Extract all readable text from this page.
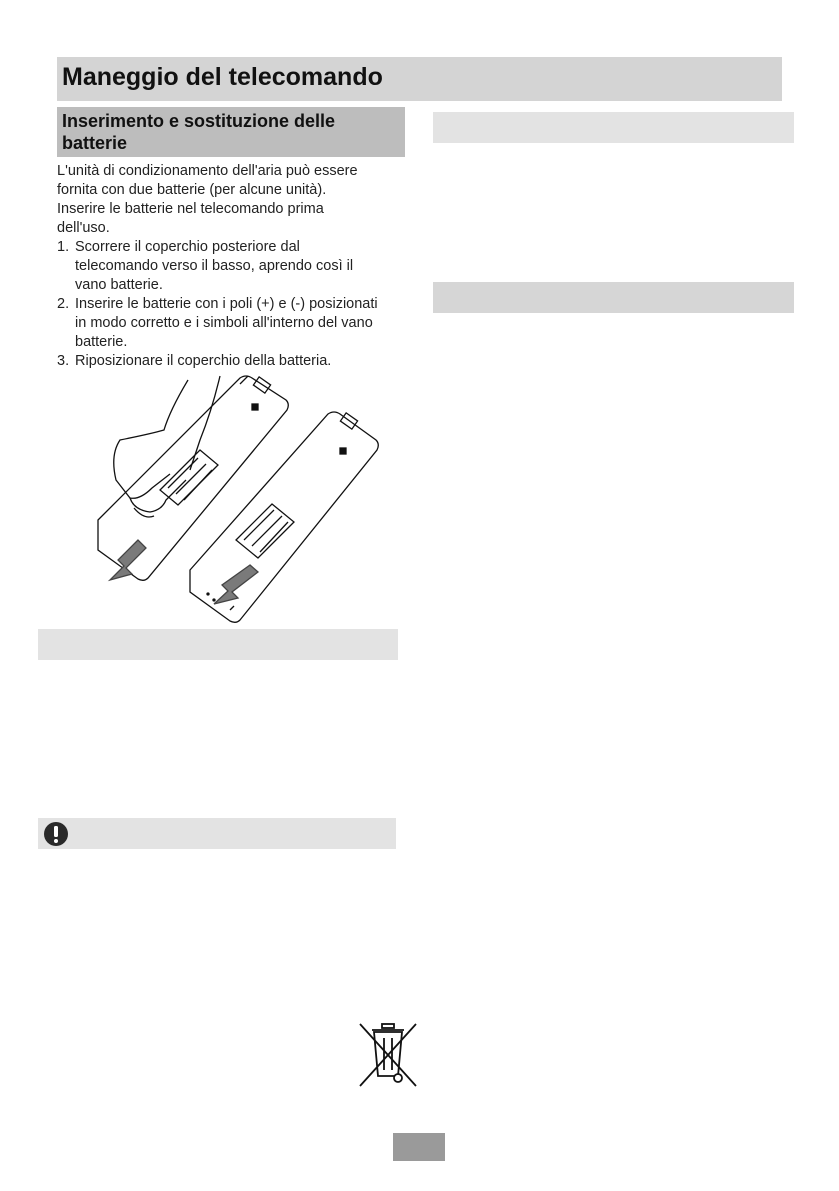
Maneggio del telecomando
Inserimento e sostituzione delle batterie

L'unità di condizionamento dell'aria può essere

fornita con due batterie (per alcune unità).

Inserire le batterie nel telecomando prima

dell'uso.

1. Scorrere il coperchio posteriore dal
telecomando verso il basso, aprendo così il
vano batterie.
2. Inserire le batterie con i poli (+) e (-) posizionati
in modo corretto e i simboli all'interno del vano
batterie.
3. Riposizionare il coperchio della batteria.
